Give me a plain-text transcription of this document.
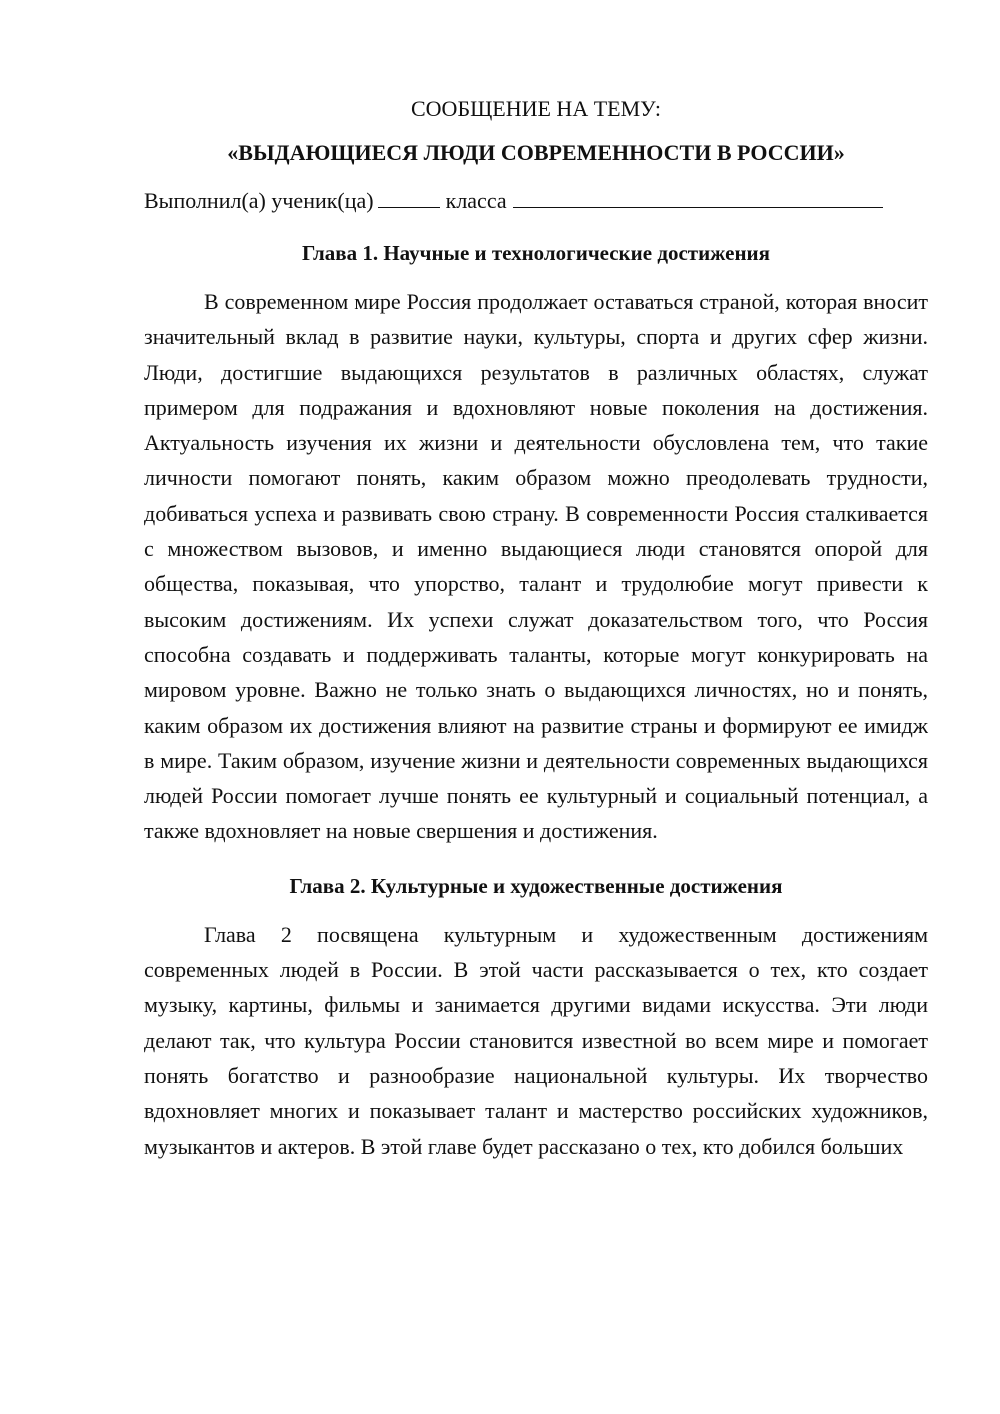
СООБЩЕНИЕ НА ТЕМУ:

«ВЫДАЮЩИЕСЯ ЛЮДИ СОВРЕМЕННОСТИ В РОССИИ»

Выполнил(а) ученик(ца)	класса
Глава 1. Научные и технологические достижения

В современном мире Россия продолжает оставаться страной, которая вносит значительный вклад в развитие науки, культуры, спорта и других сфер жизни. Люди, достигшие выдающихся результатов в различных областях, служат примером для подражания и вдохновляют новые поколения на достижения. Актуальность изучения их жизни и деятельности обусловлена тем, что такие личности помогают понять, каким образом можно преодолевать трудности, добиваться успеха и развивать свою страну. В современности Россия сталкивается с множеством вызовов, и именно выдающиеся люди становятся опорой для общества, показывая, что упорство, талант и трудолюбие могут привести к высоким достижениям. Их успехи служат доказательством того, что Россия способна создавать и поддерживать таланты, которые могут конкурировать на мировом уровне. Важно не только знать о выдающихся личностях, но и понять, каким образом их достижения влияют на развитие страны и формируют ее имидж в мире. Таким образом, изучение жизни и деятельности современных выдающихся людей России помогает лучше понять ее культурный и социальный потенциал, а также вдохновляет на новые свершения и достижения.

Глава 2. Культурные и художественные достижения

Глава 2 посвящена культурным и художественным достижениям современных людей в России. В этой части рассказывается о тех, кто создает музыку, картины, фильмы и занимается другими видами искусства. Эти люди делают так, что культура России становится известной во всем мире и помогает понять богатство и разнообразие национальной культуры. Их творчество вдохновляет многих и показывает талант и мастерство российских художников, музыкантов и актеров. В этой главе будет рассказано о тех, кто добился больших
